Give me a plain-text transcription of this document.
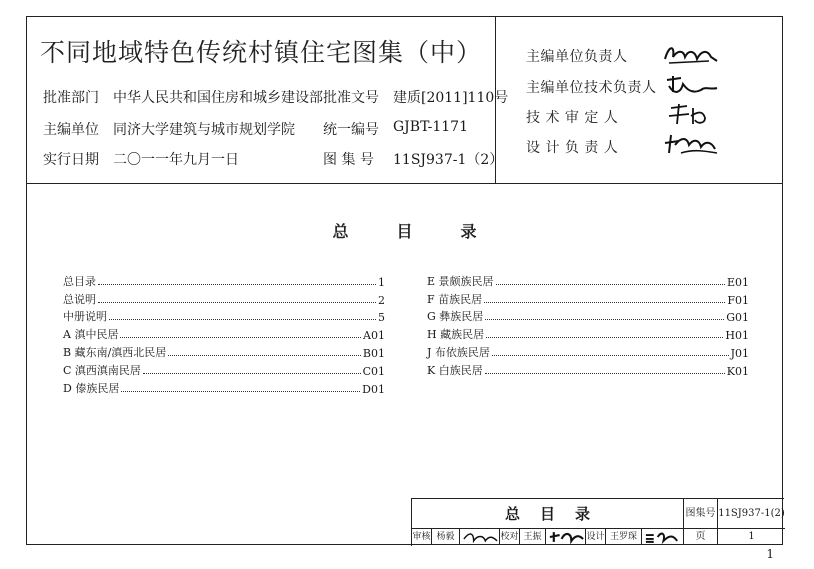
不同地域特色传统村镇住宅图集（中）
批准部门 中华人民共和国住房和城乡建设部 批准文号 建质[2011]110号
主编单位 同济大学建筑与城市规划学院 统一编号 GJBT-1171
实行日期 二〇一一年九月一日	图 集 号 11SJ937-1（2）
主编单位负责人
主编单位技术负责人
技 术 审 定 人
设 计 负 责 人
总	目	录
总目录	1
总说明	2
中册说明	5
A 滇中民居	A01
B 藏东南/滇西北民居	B01
C 滇西滇南民居	C01
D 傣族民居	D01
E 景颇族民居	E01
F 苗族民居	F01
G 彝族民居	G01
H 藏族民居	H01
J 布依族民居	J01
K 白族民居	K01
总 目 录	图集号 11SJ937-1(2)
页	1
审核 杨毅	校对 王振	设计 王罗琛
1
